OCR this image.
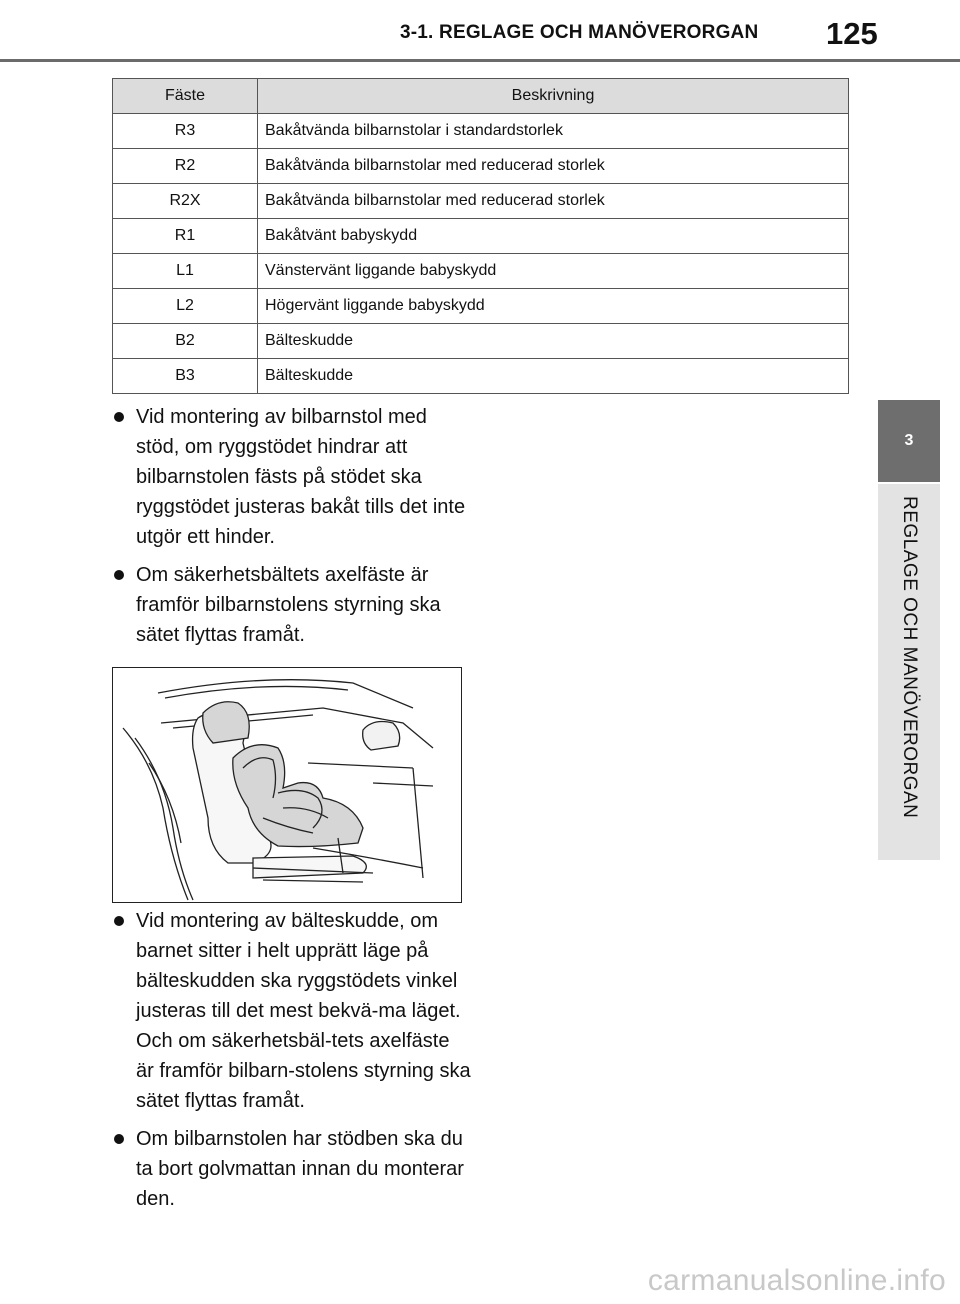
3-1. REGLAGE OCH MANÖVERORGAN 125
3
REGLAGE OCH MANÖVERORGAN
Fäste	Beskrivning
R3	Bakåtvända bilbarnstolar i standardstorlek
R2	Bakåtvända bilbarnstolar med reducerad storlek
R2X	Bakåtvända bilbarnstolar med reducerad storlek
R1	Bakåtvänt babyskydd
L1	Vänstervänt liggande babyskydd
L2	Högervänt liggande babyskydd
B2	Bälteskudde
B3	Bälteskudde
Vid montering av bilbarnstol med stöd, om ryggstödet hindrar att bilbarnstolen fästs på stödet ska ryggstödet justeras bakåt tills det inte utgör ett hinder.
Om säkerhetsbältets axelfäste är framför bilbarnstolens styrning ska sätet flyttas framåt.
Vid montering av bälteskudde, om barnet sitter i helt upprätt läge på bälteskudden ska ryggstödets vinkel justeras till det mest bekvä-ma läget. Och om säkerhetsbäl-tets axelfäste är framför bilbarn-stolens styrning ska sätet flyttas framåt.
Om bilbarnstolen har stödben ska du ta bort golvmattan innan du monterar den.
carmanualsonline.info
